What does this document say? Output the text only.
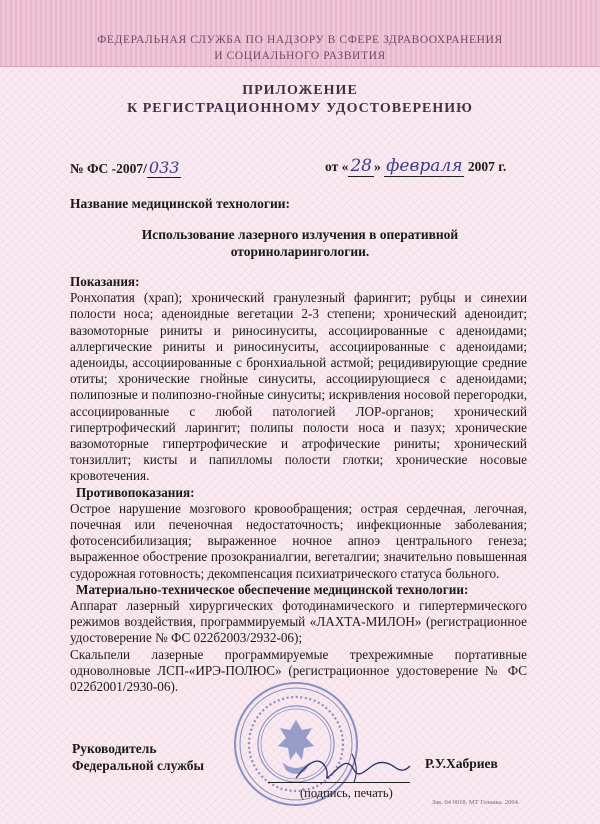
ФЕДЕРАЛЬНАЯ СЛУЖБА ПО НАДЗОРУ В СФЕРЕ ЗДРАВООХРАНЕНИЯ
И СОЦИАЛЬНОГО РАЗВИТИЯ
ПРИЛОЖЕНИЕ
К РЕГИСТРАЦИОННОМУ УДОСТОВЕРЕНИЮ
№ ФС -2007/ 033	от « 28 » февраля 2007 г.
Название медицинской технологии:
Использование лазерного излучения в оперативной
оториноларингологии.
Показания:
Ронхопатия (храп); хронический гранулезный фарингит; рубцы и синехии полости носа; аденоидные вегетации 2-3 степени; хронический аденоидит; вазомоторные риниты и риносинуситы, ассоциированные с аденоидами; аллергические риниты и риносинуситы, ассоциированные с аденоидами; аденоиды, ассоциированные с бронхиальной астмой; рецидивирующие средние отиты; хронические гнойные синуситы, ассоциирующиеся с аденоидами; полипозные и полипозно-гнойные синуситы; искривления носовой перегородки, ассоциированные с любой патологией ЛОР-органов; хронический гипертрофический ларингит; полипы полости носа и пазух; хронические вазомоторные гипертрофические и атрофические риниты; хронический тонзиллит; кисты и папилломы полости глотки; хронические носовые кровотечения.
Противопоказания:
Острое нарушение мозгового кровообращения; острая сердечная, легочная, почечная или печеночная недостаточность; инфекционные заболевания; фотосенсибилизация; выраженное ночное апноэ центрального генеза; выраженное обострение прозокраниалгии, вегеталгии; значительно повышенная судорожная готовность; декомпенсация психиатрического статуса больного.
Материально-техническое обеспечение медицинской технологии:
Аппарат лазерный хирургических фотодинамического и гипертермического режимов воздействия, программируемый «ЛАХТА-МИЛОН» (регистрационное удостоверение № ФС 022б2003/2932-06);
Скальпели лазерные программируемые трехрежимные портативные одноволновые ЛСП-«ИРЭ-ПОЛЮС» (регистрационное удостоверение № ФС 022б2001/2930-06).
Руководитель
Федеральной службы	Р.У.Хабриев
(подпись, печать)
Зак. 04 0018. МТ Гознака. 2004.
